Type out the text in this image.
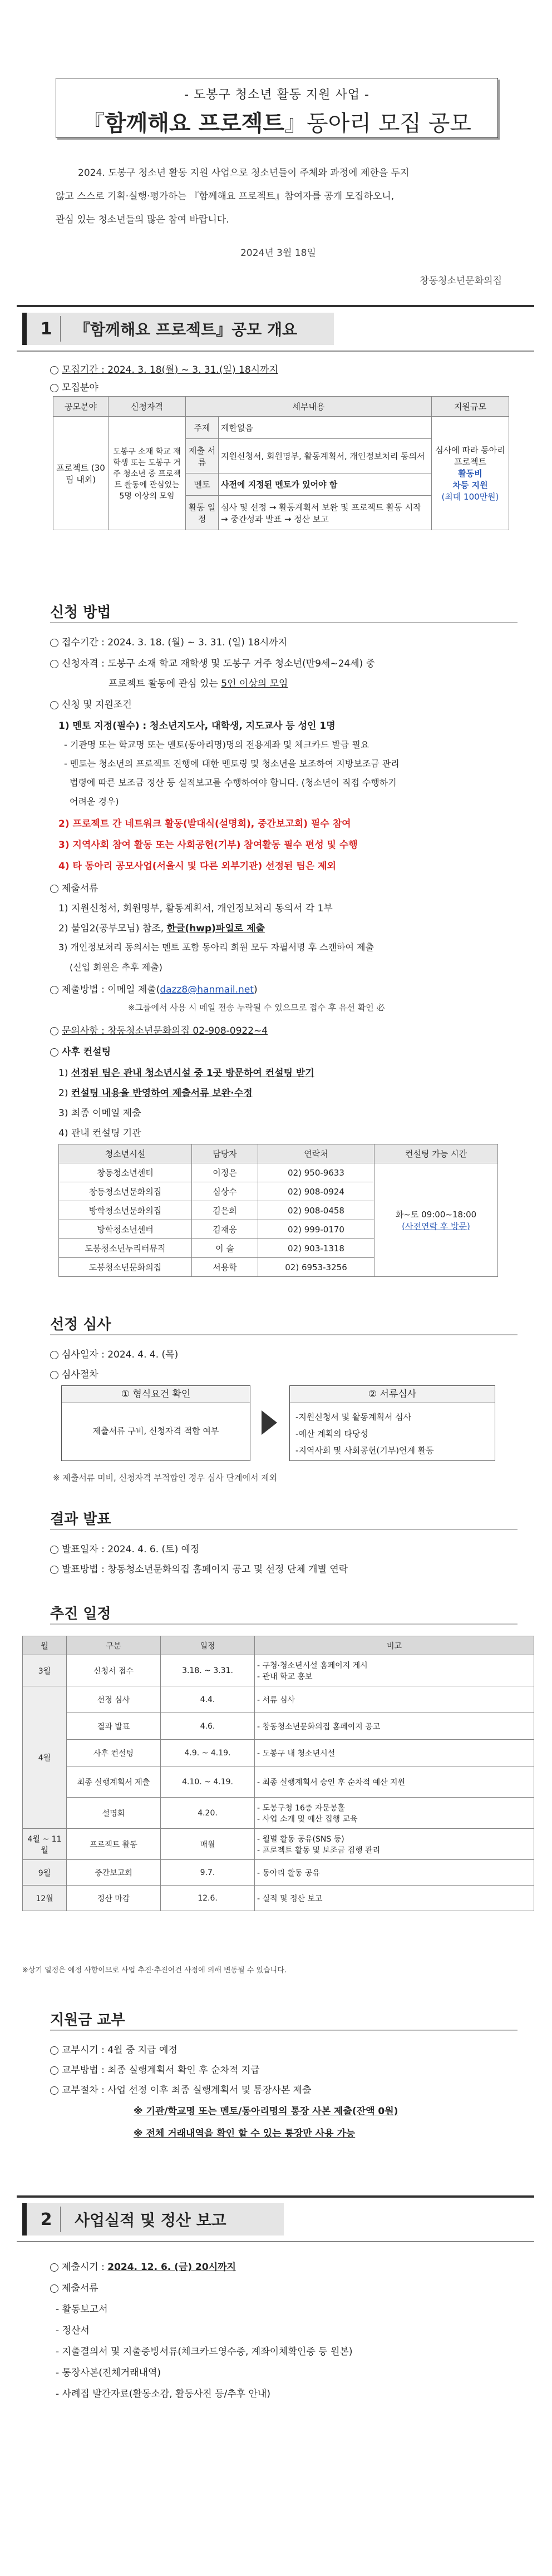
- 도봉구 청소년 활동 지원 사업 -
『함께해요 프로젝트』동아리 모집 공모
2024. 도봉구 청소년 활동 지원 사업으로 청소년들이 주체와 과정에 제한을 두지
않고 스스로 기획·실행·평가하는 『함께해요 프로젝트』참여자를 공개 모집하오니,
관심 있는 청소년들의 많은 참여 바랍니다.
2024년 3월 18일
창동청소년문화의집
1	『함께해요 프로젝트』공모 개요
모집기간 : 2024. 3. 18(월) ~ 3. 31.(일) 18시까지
모집분야
공모분야	신청자격	세부내용		지원규모
프로젝트 (30팀 내외)	도봉구 소재 학교 재학생 또는 도봉구 거주 청소년 중 프로젝트 활동에 관심있는 5명 이상의 모임	주제	제한없음	심사에 따라 동아리 프로젝트
활동비
차등 지원
(최대 100만원)

		제출 서류	지원신청서, 회원명부, 활동계획서, 개인정보처리 동의서	
		멘토	사전에 지정된 멘토가 있어야 함	
		활동 일정	심사 및 선정 → 활동계획서 보완 및 프로젝트 활동 시작 → 중간성과 발표 → 정산 보고	
신청 방법
접수기간 : 2024. 3. 18. (월) ~ 3. 31. (일) 18시까지
신청자격 : 도봉구 소재 학교 재학생 및 도봉구 거주 청소년(만9세~24세) 중
프로젝트 활동에 관심 있는 5인 이상의 모임
신청 및 지원조건
1) 멘토 지정(필수) : 청소년지도사, 대학생, 지도교사 등 성인 1명
- 기관명 또는 학교명 또는 멘토(동아리명)명의 전용계좌 및 체크카드 발급 필요
- 멘토는 청소년의 프로젝트 진행에 대한 멘토링 및 청소년을 보조하여 지방보조금 관리
법령에 따른 보조금 정산 등 실적보고를 수행하여야 합니다. (청소년이 직접 수행하기
어려운 경우)
2) 프로젝트 간 네트워크 활동(발대식(설명회), 중간보고회) 필수 참여
3) 지역사회 참여 활동 또는 사회공헌(기부) 참여활동 필수 편성 및 수행
4) 타 동아리 공모사업(서울시 및 다른 외부기관) 선정된 팀은 제외
제출서류
1) 지원신청서, 회원명부, 활동계획서, 개인정보처리 동의서 각 1부
2) 붙임2(공부모님) 참조, 한글(hwp)파일로 제출
3) 개인정보처리 동의서는 멘토 포함 동아리 회원 모두 자필서명 후 스캔하여 제출
(신입 회원은 추후 제출)
제출방법 : 이메일 제출(dazz8@hanmail.net)
※그룹에서 사용 시 메일 전송 누락될 수 있으므로 접수 후 유선 확인 必
문의사항 : 창동청소년문화의집 02-908-0922~4
사후 컨설팅
1) 선정된 팀은 관내 청소년시설 중 1곳 방문하여 컨설팅 받기
2) 컨설팅 내용을 반영하여 제출서류 보완·수정
3) 최종 이메일 제출
4) 관내 컨설팅 기관
청소년시설	담당자	연락처	컨설팅 가능 시간
창동청소년센터	이정은	02) 950-9633	화~토 09:00~18:00
(사전연락 후 방문)

창동청소년문화의집	심상수	02) 908-0924	
방학청소년문화의집	김은희	02) 908-0458	
방학청소년센터	김재웅	02) 999-0170	
도봉청소년누리터뮤직	이 솔	02) 903-1318	
도봉청소년문화의집	서용학	02) 6953-3256	
선정 심사
심사일자 : 2024. 4. 4. (목)
심사절차
① 형식요건 확인
제출서류 구비, 신청자격 적합 여부
② 서류심사
-지원신청서 및 활동계획서 심사
-예산 계획의 타당성
-지역사회 및 사회공헌(기부)연계 활동
※ 제출서류 미비, 신청자격 부적합인 경우 심사 단계에서 제외
결과 발표
발표일자 : 2024. 4. 6. (토) 예정
발표방법 : 창동청소년문화의집 홈페이지 공고 및 선정 단체 개별 연락
추진 일정
월	구분	일정	비고
3월	신청서 접수	3.18. ~ 3.31.	- 구청·청소년시설 홈페이지 게시
- 관내 학교 홍보

4월	선정 심사	4.4.	- 서류 심사
	결과 발표	4.6.	- 창동청소년문화의집 홈페이지 공고
	사후 컨설팅	4.9. ~ 4.19.	- 도봉구 내 청소년시설
	최종 실행계획서 제출	4.10. ~ 4.19.	- 최종 실행계획서 승인 후 순차적 예산 지원
	설명회	4.20.	- 도봉구청 16층 자문봉홀
- 사업 소개 및 예산 집행 교육

4월 ~ 11월	프로젝트 활동	매월	- 월별 활동 공유(SNS 등)
- 프로젝트 활동 및 보조금 집행 관리

9월	중간보고회	9.7.	- 동아리 활동 공유
12월	정산 마감	12.6.	- 실적 및 정산 보고
※상기 일정은 예정 사항이므로 사업 추진·추진여건 사정에 의해 변동될 수 있습니다.
지원금 교부
교부시기 : 4월 중 지급 예정
교부방법 : 최종 실행계획서 확인 후 순차적 지급
교부절차 : 사업 선정 이후 최종 실행계획서 및 통장사본 제출
※ 기관/학교명 또는 멘토/동아리명의 통장 사본 제출(잔액 0원)
※ 전체 거래내역을 확인 할 수 있는 통장만 사용 가능
2	사업실적 및 정산 보고
제출시기 : 2024. 12. 6. (금) 20시까지
제출서류
- 활동보고서
- 정산서
- 지출결의서 및 지출증빙서류(체크카드영수증, 계좌이체확인증 등 원본)
- 통장사본(전체거래내역)
- 사례집 발간자료(활동소감, 활동사진 등/추후 안내)
